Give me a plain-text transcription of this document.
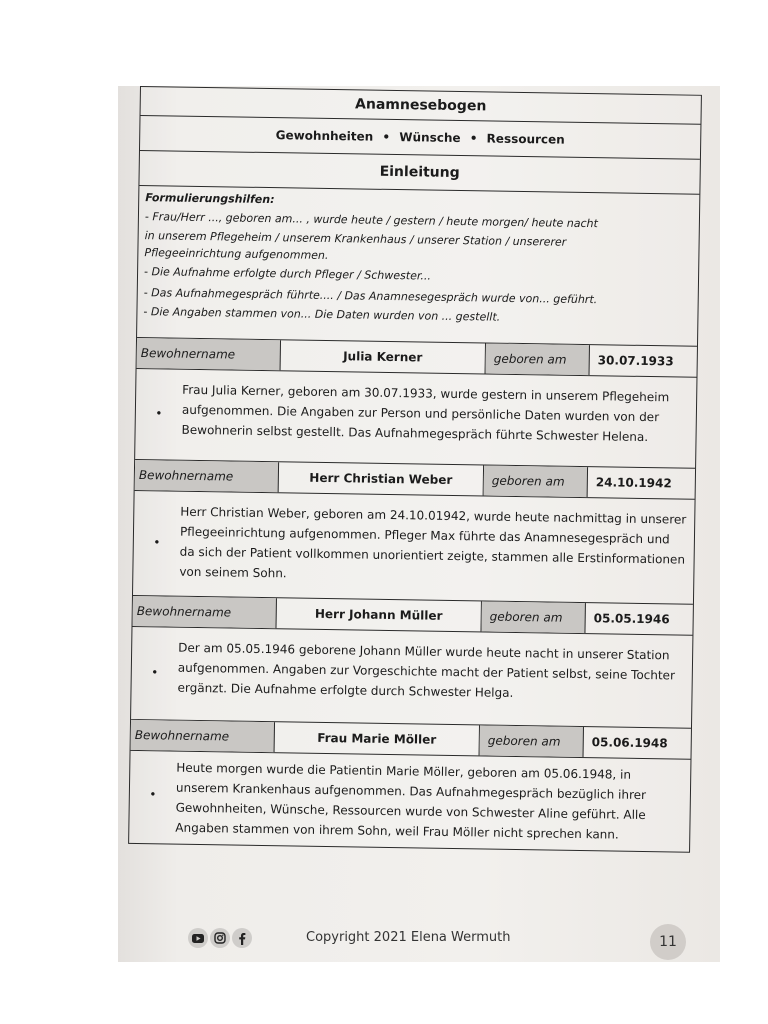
Anamnesebogen
Gewohnheiten • Wünsche • Ressourcen
Einleitung
Formulierungshilfen:
- Frau/Herr ..., geboren am... , wurde heute / gestern / heute morgen/ heute nacht
in unserem Pflegeheim / unserem Krankenhaus / unserer Station / unsererer
Pflegeeinrichtung aufgenommen.
- Die Aufnahme erfolgte durch Pfleger / Schwester...
- Das Aufnahmegespräch führte.... / Das Anamnesegespräch wurde von... geführt.
- Die Angaben stammen von... Die Daten wurden von ... gestellt.
Bewohnername	Julia Kerner	geboren am	30.07.1933
•
Frau Julia Kerner, geboren am 30.07.1933, wurde gestern in unserem Pflegeheim aufgenommen. Die Angaben zur Person und persönliche Daten wurden von der Bewohnerin selbst gestellt. Das Aufnahmegespräch führte Schwester Helena.
Bewohnername	Herr Christian Weber	geboren am	24.10.1942
•
Herr Christian Weber, geboren am 24.10.01942, wurde heute nachmittag in unserer Pflegeeinrichtung aufgenommen. Pfleger Max führte das Anamnesegespräch und da sich der Patient vollkommen unorientiert zeigte, stammen alle Erstinformationen von seinem Sohn.
Bewohnername	Herr Johann Müller	geboren am	05.05.1946
•
Der am 05.05.1946 geborene Johann Müller wurde heute nacht in unserer Station aufgenommen. Angaben zur Vorgeschichte macht der Patient selbst, seine Tochter ergänzt. Die Aufnahme erfolgte durch Schwester Helga.
Bewohnername	Frau Marie Möller	geboren am	05.06.1948
•
Heute morgen wurde die Patientin Marie Möller, geboren am 05.06.1948, in unserem Krankenhaus aufgenommen. Das Aufnahmegespräch bezüglich ihrer Gewohnheiten, Wünsche, Ressourcen wurde von Schwester Aline geführt. Alle Angaben stammen von ihrem Sohn, weil Frau Möller nicht sprechen kann.
Copyright 2021 Elena Wermuth	11
